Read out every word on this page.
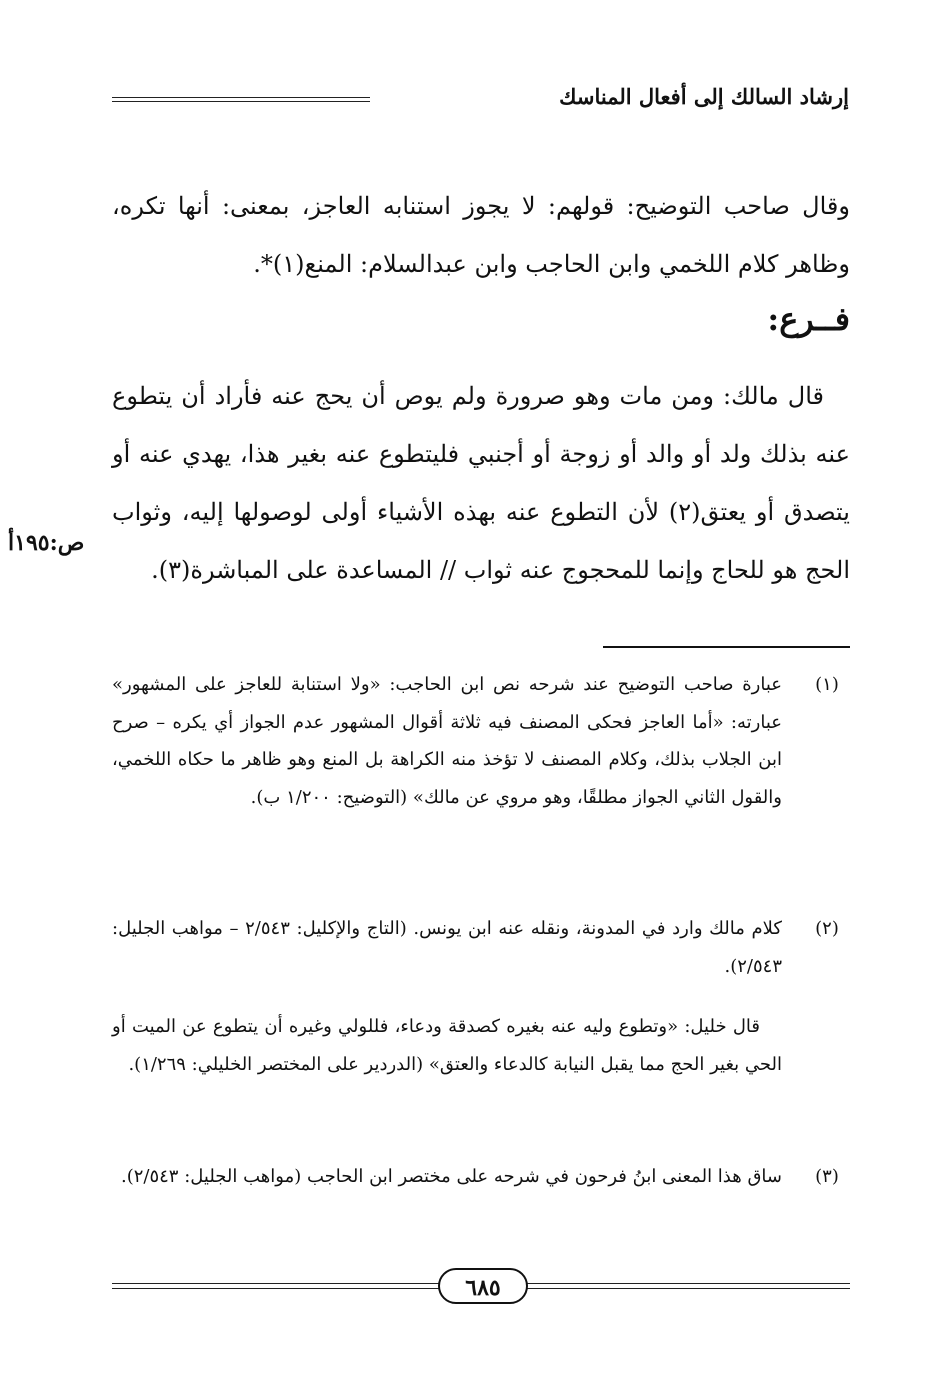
إرشاد السالك إلى أفعال المناسك
وقال صاحب التوضيح: قولهم: لا يجوز استنابه العاجز، بمعنى: أنها تكره، وظاهر كلام اللخمي وابن الحاجب وابن عبدالسلام: المنع(١)*.
فــرع:
قال مالك: ومن مات وهو صرورة ولم يوص أن يحج عنه فأراد أن يتطوع عنه بذلك ولد أو والد أو زوجة أو أجنبي فليتطوع عنه بغير هذا، يهدي عنه أو يتصدق أو يعتق(٢) لأن التطوع عنه بهذه الأشياء أولى لوصولها إليه، وثواب الحج هو للحاج وإنما للمحجوج عنه ثواب // المساعدة على المباشرة(٣).
ص:١٩٥أ
(١)
عبارة صاحب التوضيح عند شرحه نص ابن الحاجب: «ولا استنابة للعاجز على المشهور» عبارته: «أما العاجز فحكى المصنف فيه ثلاثة أقوال المشهور عدم الجواز أي يكره – صرح ابن الجلاب بذلك، وكلام المصنف لا تؤخذ منه الكراهة بل المنع وهو ظاهر ما حكاه اللخمي، والقول الثاني الجواز مطلقًا، وهو مروي عن مالك» (التوضيح: ١/٢٠٠ ب).
(٢)
كلام مالك وارد في المدونة، ونقله عنه ابن يونس. (التاج والإكليل: ٢/٥٤٣ – مواهب الجليل: ٢/٥٤٣).
قال خليل: «وتطوع وليه عنه بغيره كصدقة ودعاء، فللولي وغيره أن يتطوع عن الميت أو الحي بغير الحج مما يقبل النيابة كالدعاء والعتق» (الدردير على المختصر الخليلي: ١/٢٦٩).
(٣)
ساق هذا المعنى ابنُ فرحون في شرحه على مختصر ابن الحاجب (مواهب الجليل: ٢/٥٤٣).
٦٨٥
